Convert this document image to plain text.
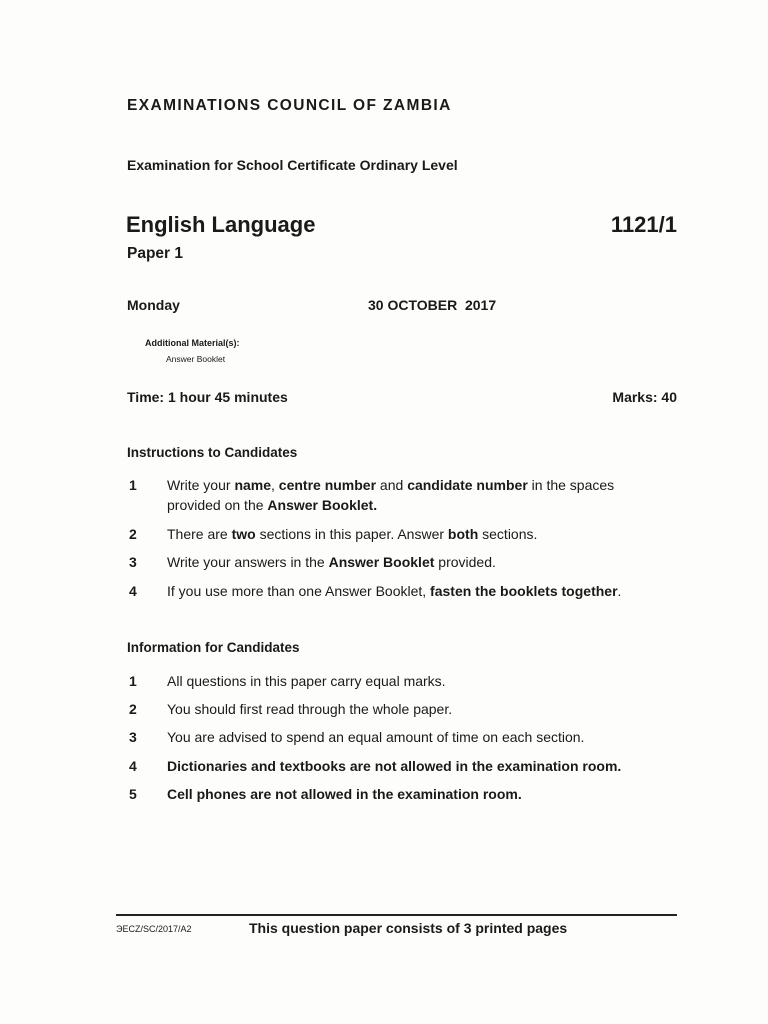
EXAMINATIONS COUNCIL OF ZAMBIA
Examination for School Certificate Ordinary Level
English Language	1121/1
Paper 1
Monday	30 OCTOBER  2017
Additional Material(s):
Answer Booklet
Time: 1 hour 45 minutes	Marks: 40
Instructions to Candidates
1 Write your name, centre number and candidate number in the spaces
provided on the Answer Booklet.
2 There are two sections in this paper. Answer both sections.
3 Write your answers in the Answer Booklet provided.
4 If you use more than one Answer Booklet, fasten the booklets together.
Information for Candidates
1 All questions in this paper carry equal marks.
2 You should first read through the whole paper.
3 You are advised to spend an equal amount of time on each section.
4 Dictionaries and textbooks are not allowed in the examination room.
5 Cell phones are not allowed in the examination room.
ЭECZ/SC/2017/A2	This question paper consists of 3 printed pages
